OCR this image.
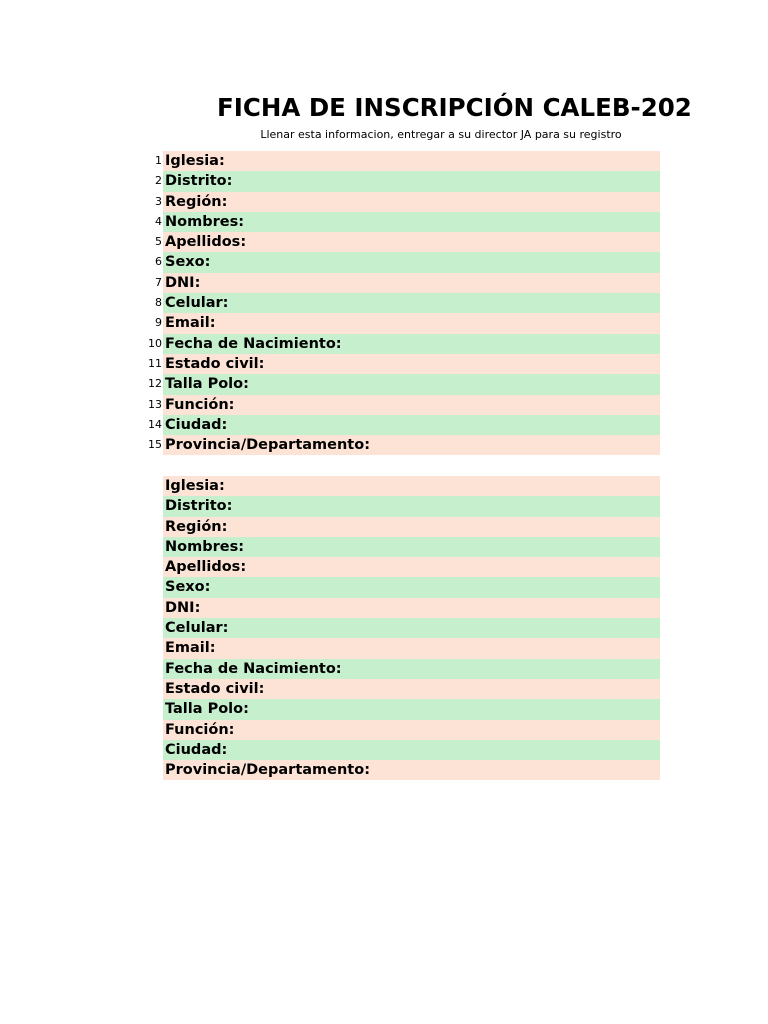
FICHA DE INSCRIPCIÓN CALEB-202
Llenar esta informacion, entregar a su director JA para su registro
1 Iglesia:
2 Distrito:
3 Región:
4 Nombres:
5 Apellidos:
6 Sexo:
7 DNI:
8 Celular:
9 Email:
10 Fecha de Nacimiento:
11 Estado civil:
12 Talla Polo:
13 Función:
14 Ciudad:
15 Provincia/Departamento:
Iglesia:
Distrito:
Región:
Nombres:
Apellidos:
Sexo:
DNI:
Celular:
Email:
Fecha de Nacimiento:
Estado civil:
Talla Polo:
Función:
Ciudad:
Provincia/Departamento:
